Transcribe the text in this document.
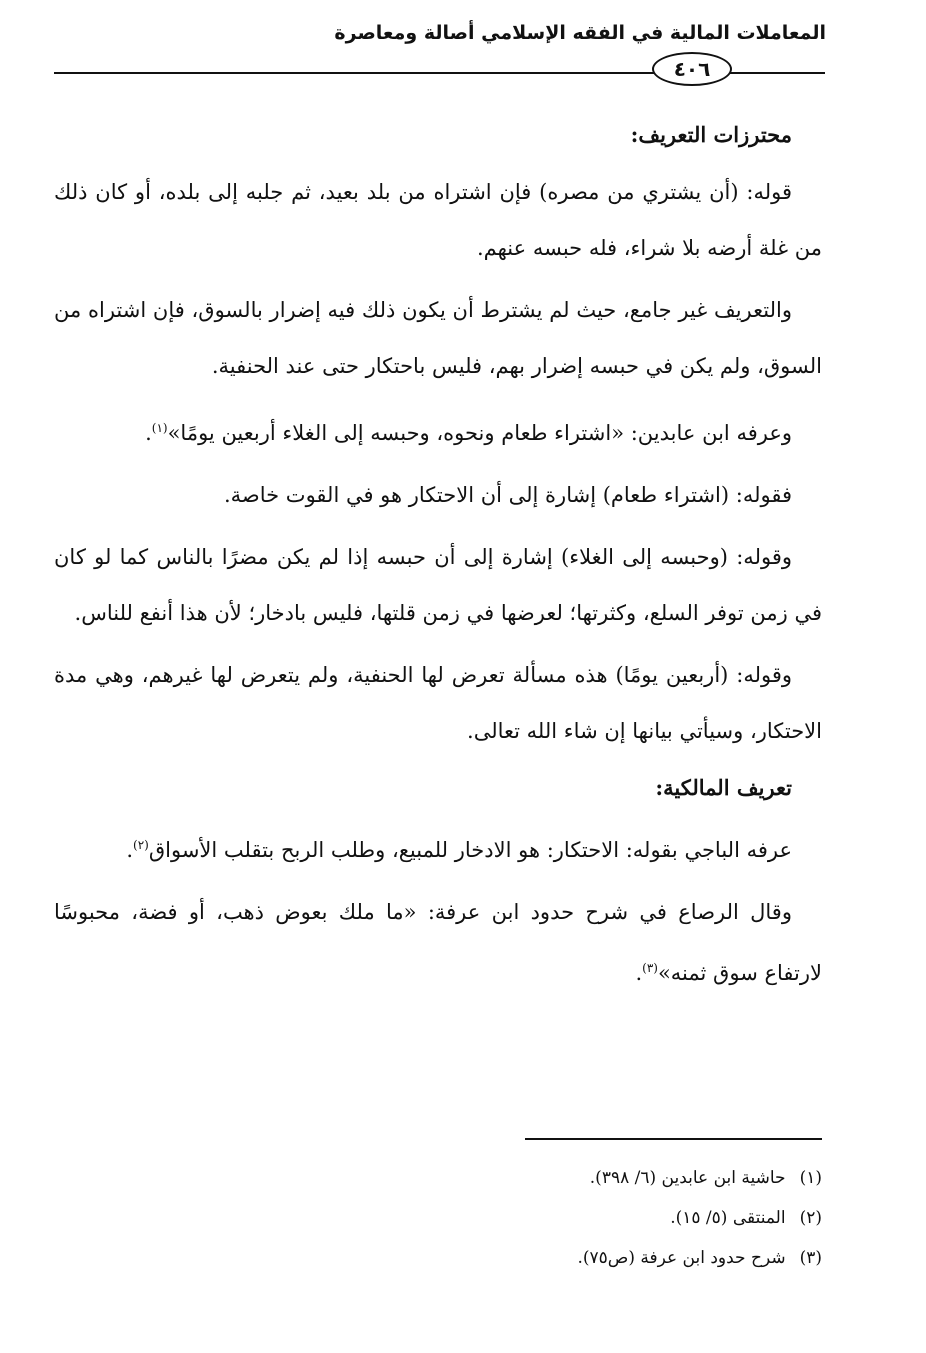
المعاملات المالية في الفقه الإسلامي أصالة ومعاصرة
٤٠٦
محترزات التعريف:

قوله: (أن يشتري من مصره) فإن اشتراه من بلد بعيد، ثم جلبه إلى بلده، أو كان ذلك من غلة أرضه بلا شراء، فله حبسه عنهم.

والتعريف غير جامع، حيث لم يشترط أن يكون ذلك فيه إضرار بالسوق، فإن اشتراه من السوق، ولم يكن في حبسه إضرار بهم، فليس باحتكار حتى عند الحنفية.

وعرفه ابن عابدين: «اشتراء طعام ونحوه، وحبسه إلى الغلاء أربعين يومًا»$^{(١)}$.

فقوله: (اشتراء طعام) إشارة إلى أن الاحتكار هو في القوت خاصة.

وقوله: (وحبسه إلى الغلاء) إشارة إلى أن حبسه إذا لم يكن مضرًا بالناس كما لو كان في زمن توفر السلع، وكثرتها؛ لعرضها في زمن قلتها، فليس بادخار؛ لأن هذا أنفع للناس.

وقوله: (أربعين يومًا) هذه مسألة تعرض لها الحنفية، ولم يتعرض لها غيرهم، وهي مدة الاحتكار، وسيأتي بيانها إن شاء الله تعالى.

تعريف المالكية:

عرفه الباجي بقوله: الاحتكار: هو الادخار للمبيع، وطلب الربح بتقلب الأسواق$^{(٢)}$.

وقال الرصاع في شرح حدود ابن عرفة: «ما ملك بعوض ذهب، أو فضة، محبوسًا لارتفاع سوق ثمنه»$^{(٣)}$.

(١)حاشية ابن عابدين (٦/ ٣٩٨).
(٢)المنتقى (٥/ ١٥).
(٣)شرح حدود ابن عرفة (ص٧٥).
